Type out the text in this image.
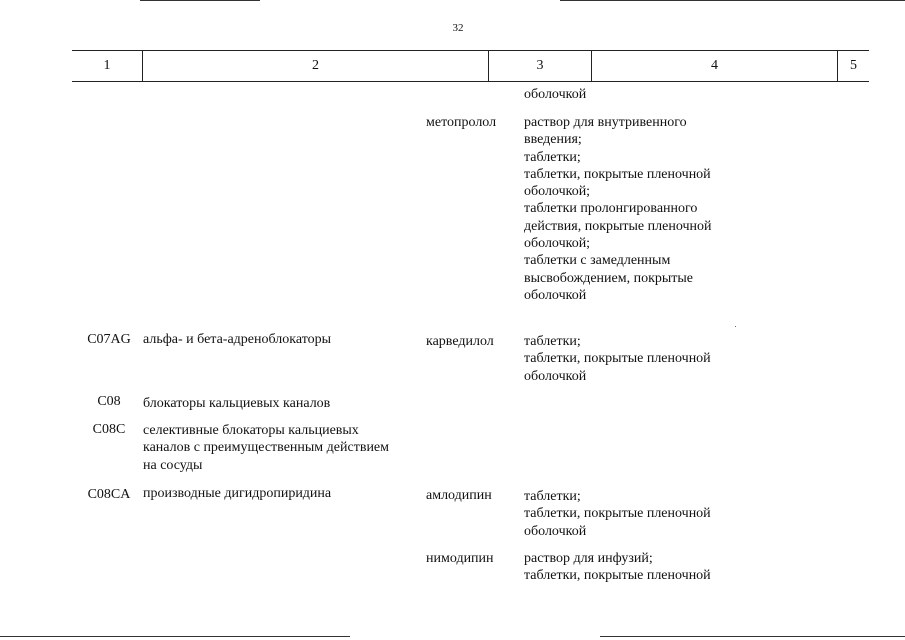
32
1	2	3	4	5
оболочкой
метопролол	раствор для внутривенного
введения;
таблетки;
таблетки, покрытые пленочной
оболочкой;
таблетки пролонгированного
действия, покрытые пленочной
оболочкой;
таблетки с замедленным
высвобождением, покрытые
оболочкой
C07AG альфа- и бета-адреноблокаторы	карведилол	таблетки;
таблетки, покрытые пленочной
оболочкой
C08	блокаторы кальциевых каналов
C08C	селективные блокаторы кальциевых
каналов с преимущественным действием
на сосуды
C08CA производные дигидропиридина	амлодипин	таблетки;
таблетки, покрытые пленочной
оболочкой
нимодипин	раствор для инфузий;
таблетки, покрытые пленочной
